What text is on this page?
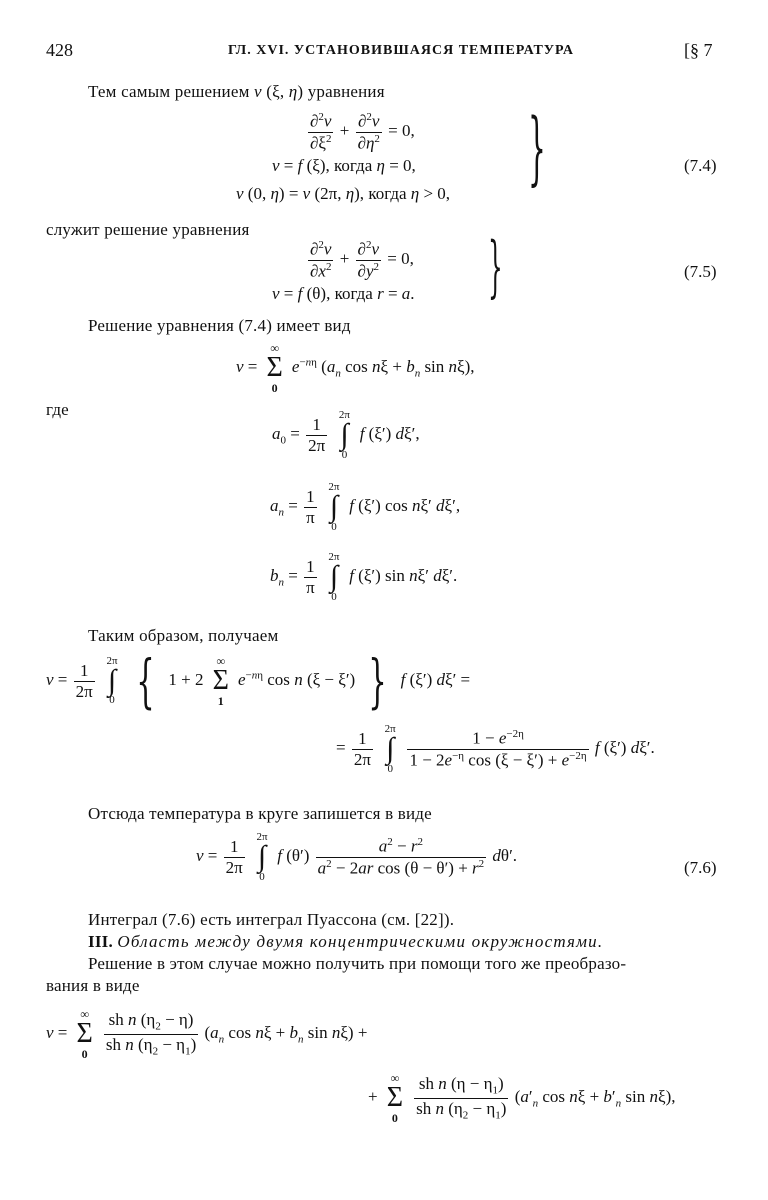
428	ГЛ. XVI. УСТАНОВИВШАЯСЯ ТЕМПЕРАТУРА	[§ 7
Тем самым решением v (ξ, η) уравнения
$\frac{\partial^2v}{\partial\xi^2} + \frac{\partial^2v}{\partial\eta^2} = 0$,
v = f (ξ), когда η = 0,
v (0, η) = v (2π, η), когда η > 0, }	(7.4)
служит решение уравнения
$\frac{\partial^2v}{\partial x^2} + \frac{\partial^2v}{\partial y^2} = 0$,
v = f (θ), когда r = a. }	(7.5)
Решение уравнения (7.4) имеет вид
v =
∞
Σ
0
$e^{-n\eta}$ ($a_n$ $\cos n\xi + b_n$ sin nξ),
где
$a_0 = \frac{1}{2\pi}$

2π
∫
0
f (ξ′) dξ′,
$a_n = \frac{1}{\pi}$

2π
∫
0
f (ξ′) cos nξ′ dξ′,
$b_n = \frac{1}{\pi}$

2π
∫
0
f (ξ′) sin nξ′ dξ′.
Таким образом, получаем
$v = \frac{1}{2\pi}$

2π
∫
0 { 1 + 2
∞
Σ
1
$e^{-n\eta}$ cos n (ξ − ξ′) } f (ξ′) dξ′ =
= $\frac{1}{2\pi}$

2π
∫
0
$\frac{1 - e^{-2\eta}}{1 - 2e^{-\eta} \cos (\xi - \xi') + e^{-2\eta}}$ f (ξ′) dξ′.
Отсюда температура в круге запишется в виде
$v = \frac{1}{2\pi}$

2π
∫
0
f $(\theta') \frac{a^2 - r^2}{a^2 - 2ar \cos (\theta - \theta') + r^2} d\theta'$.
(7.6)
Интеграл (7.6) есть интеграл Пуассона (см. [22]).
III. Область между двумя концентрическими окружностями.
Решение в этом случае можно получить при помощи того же преобразо-
вания в виде
v =
∞
Σ
0
$\frac{sh n (\eta_2 - \eta)}{sh n (\eta_2 - \eta_1)} (a_n$ $\cos n\xi + b_n$ sin nξ) +
+
∞
Σ
0
$\frac{sh n (\eta - \eta_1)}{sh n (\eta_2 - \eta_1)} (a'_n$ $\cos n\xi + b'_n$ sin nξ),
